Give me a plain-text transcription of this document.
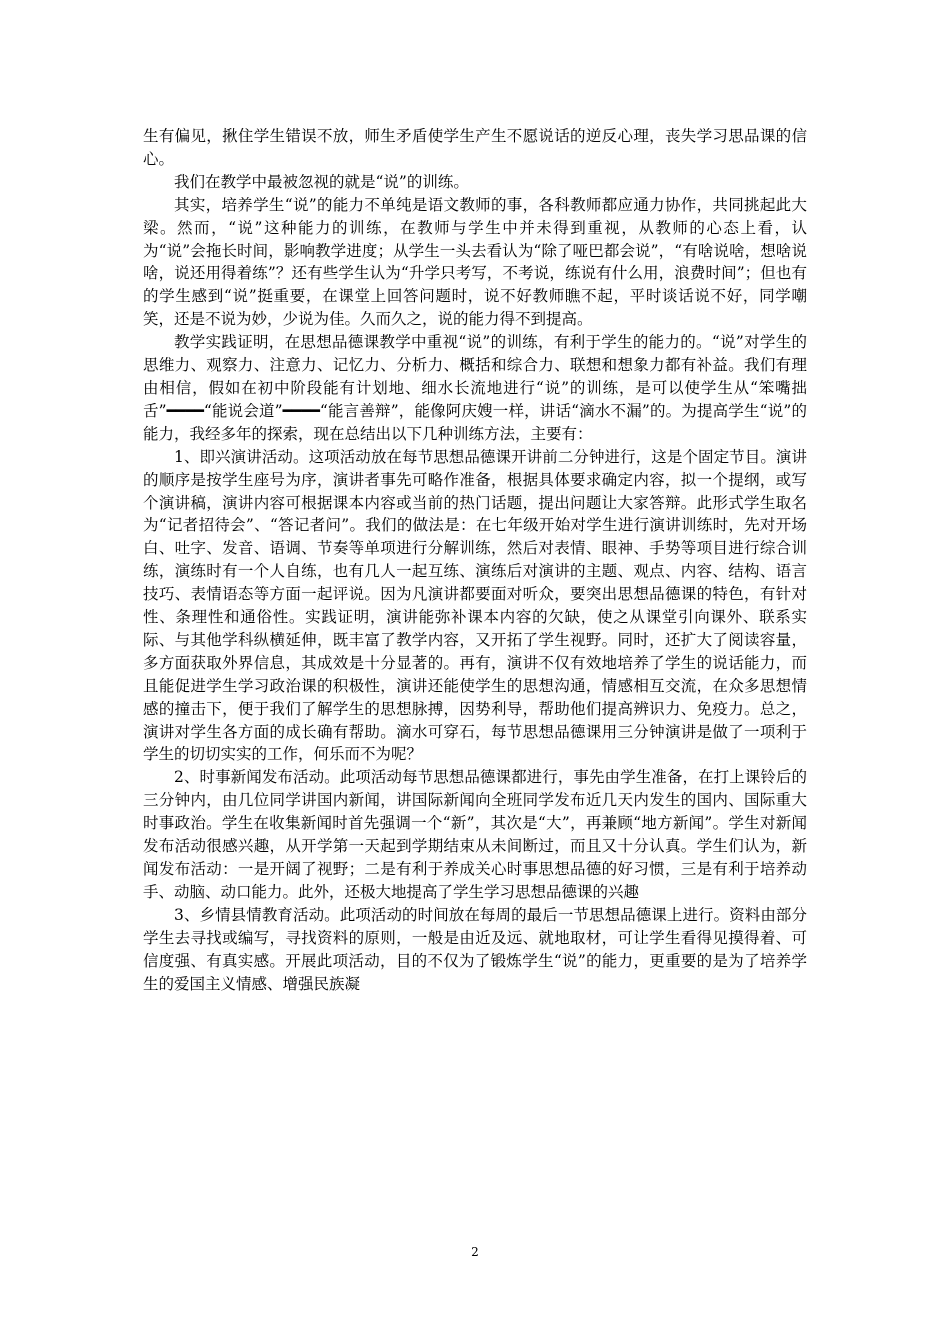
生有偏见，揪住学生错误不放，师生矛盾使学生产生不愿说话的逆反心理，丧失学习思品课的信心。

我们在教学中最被忽视的就是“说”的训练。

其实，培养学生“说”的能力不单纯是语文教师的事，各科教师都应通力协作，共同挑起此大梁。然而，“说”这种能力的训练，在教师与学生中并未得到重视，从教师的心态上看，认为“说”会拖长时间，影响教学进度；从学生一头去看认为“除了哑巴都会说”，“有啥说啥，想啥说啥，说还用得着练”？还有些学生认为“升学只考写，不考说，练说有什么用，浪费时间”；但也有的学生感到“说”挺重要，在课堂上回答问题时，说不好教师瞧不起，平时谈话说不好，同学嘲笑，还是不说为妙，少说为佳。久而久之，说的能力得不到提高。

教学实践证明，在思想品德课教学中重视“说”的训练，有利于学生的能力的。“说”对学生的思维力、观察力、注意力、记忆力、分析力、概括和综合力、联想和想象力都有补益。我们有理由相信，假如在初中阶段能有计划地、细水长流地进行“说”的训练，是可以使学生从“笨嘴拙舌”━━━━“能说会道”━━━━“能言善辩”，能像阿庆嫂一样，讲话“滴水不漏”的。为提高学生“说”的能力，我经多年的探索，现在总结出以下几种训练方法，主要有：

1、即兴演讲活动。这项活动放在每节思想品德课开讲前二分钟进行，这是个固定节目。演讲的顺序是按学生座号为序，演讲者事先可略作准备，根据具体要求确定内容，拟一个提纲，或写个演讲稿，演讲内容可根据课本内容或当前的热门话题，提出问题让大家答辩。此形式学生取名为“记者招待会”、“答记者问”。我们的做法是：在七年级开始对学生进行演讲训练时，先对开场白、吐字、发音、语调、节奏等单项进行分解训练，然后对表情、眼神、手势等项目进行综合训练，演练时有一个人自练，也有几人一起互练、演练后对演讲的主题、观点、内容、结构、语言技巧、表情语态等方面一起评说。因为凡演讲都要面对听众，要突出思想品德课的特色，有针对性、条理性和通俗性。实践证明，演讲能弥补课本内容的欠缺，使之从课堂引向课外、联系实际、与其他学科纵横延伸，既丰富了教学内容，又开拓了学生视野。同时，还扩大了阅读容量，多方面获取外界信息，其成效是十分显著的。再有，演讲不仅有效地培养了学生的说话能力，而且能促进学生学习政治课的积极性，演讲还能使学生的思想沟通，情感相互交流，在众多思想情感的撞击下，便于我们了解学生的思想脉搏，因势利导，帮助他们提高辨识力、免疫力。总之，演讲对学生各方面的成长确有帮助。滴水可穿石，每节思想品德课用三分钟演讲是做了一项利于学生的切切实实的工作，何乐而不为呢？

2、时事新闻发布活动。此项活动每节思想品德课都进行，事先由学生准备，在打上课铃后的三分钟内，由几位同学讲国内新闻，讲国际新闻向全班同学发布近几天内发生的国内、国际重大时事政治。学生在收集新闻时首先强调一个“新”，其次是“大”，再兼顾“地方新闻”。学生对新闻发布活动很感兴趣，从开学第一天起到学期结束从未间断过，而且又十分认真。学生们认为，新闻发布活动：一是开阔了视野；二是有利于养成关心时事思想品德的好习惯，三是有利于培养动手、动脑、动口能力。此外，还极大地提高了学生学习思想品德课的兴趣

3、乡情县情教育活动。此项活动的时间放在每周的最后一节思想品德课上进行。资料由部分学生去寻找或编写，寻找资料的原则，一般是由近及远、就地取材，可让学生看得见摸得着、可信度强、有真实感。开展此项活动，目的不仅为了锻炼学生“说”的能力，更重要的是为了培养学生的爱国主义情感、增强民族凝

2
